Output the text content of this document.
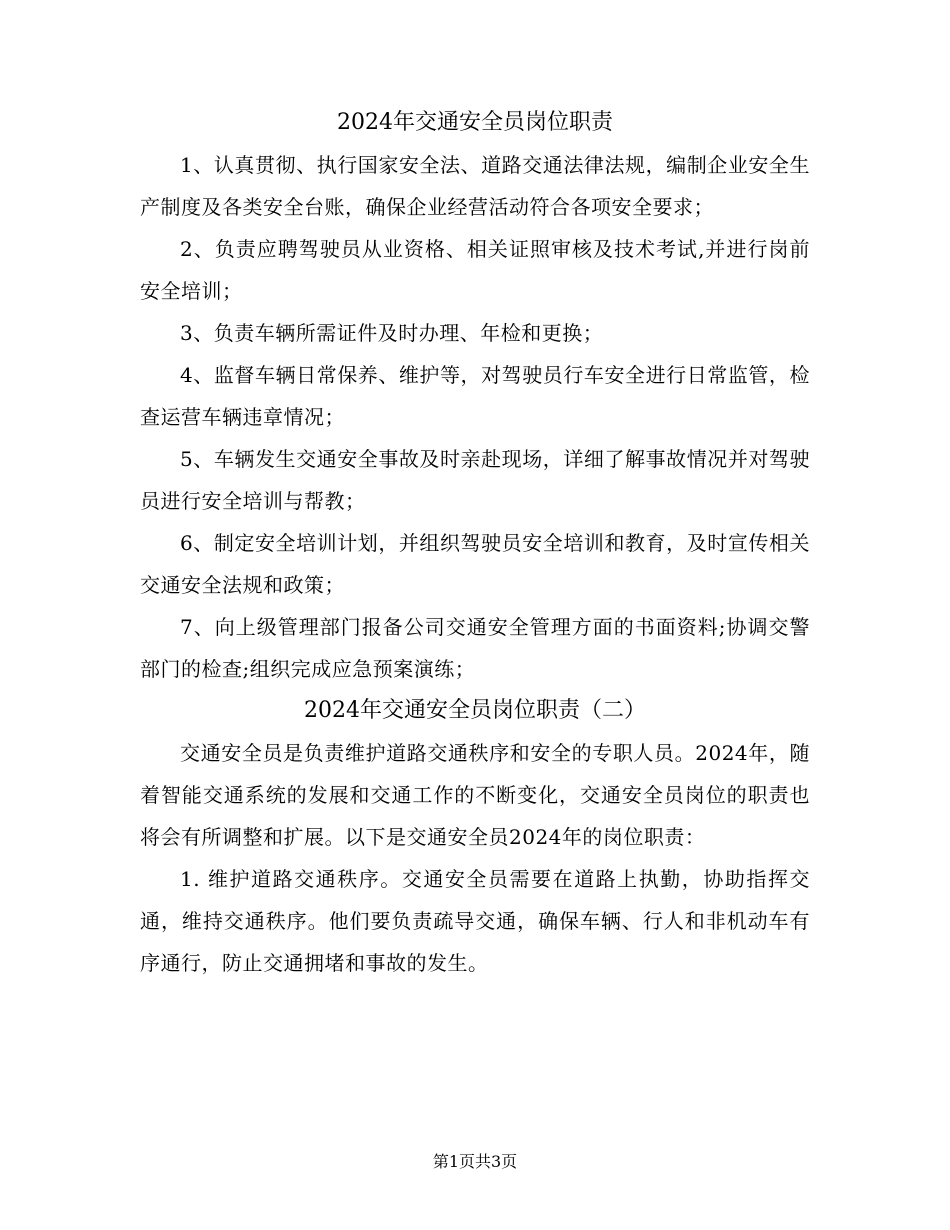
2024年交通安全员岗位职责

1、认真贯彻、执行国家安全法、道路交通法律法规，编制企业安全生产制度及各类安全台账，确保企业经营活动符合各项安全要求；

2、负责应聘驾驶员从业资格、相关证照审核及技术考试,并进行岗前安全培训；

3、负责车辆所需证件及时办理、年检和更换；

4、监督车辆日常保养、维护等，对驾驶员行车安全进行日常监管，检查运营车辆违章情况；

5、车辆发生交通安全事故及时亲赴现场，详细了解事故情况并对驾驶员进行安全培训与帮教；

6、制定安全培训计划，并组织驾驶员安全培训和教育，及时宣传相关交通安全法规和政策；

7、向上级管理部门报备公司交通安全管理方面的书面资料;协调交警部门的检查;组织完成应急预案演练；

2024年交通安全员岗位职责（二）

交通安全员是负责维护道路交通秩序和安全的专职人员。2024年，随着智能交通系统的发展和交通工作的不断变化，交通安全员岗位的职责也将会有所调整和扩展。以下是交通安全员2024年的岗位职责：

1. 维护道路交通秩序。交通安全员需要在道路上执勤，协助指挥交通，维持交通秩序。他们要负责疏导交通，确保车辆、行人和非机动车有序通行，防止交通拥堵和事故的发生。

第1页共3页
